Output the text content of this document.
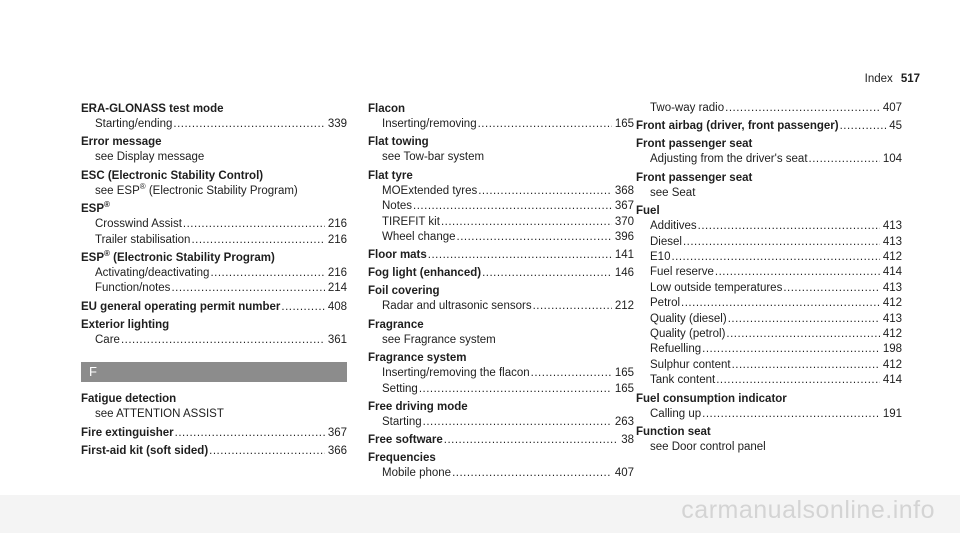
Index 517
ERA-GLONASS test mode
Starting/ending .....	339
Error message
see Display message
ESC (Electronic Stability Control)
see ESP® (Electronic Stability Program)
ESP®
Crosswind Assist .....	216
Trailer stabilisation .....	216
ESP® (Electronic Stability Program)
Activating/deactivating .....	216
Function/notes .....	214
EU general operating permit number .....	408
Exterior lighting
Care .....	361
F
Fatigue detection
see ATTENTION ASSIST
Fire extinguisher .....	367
First-aid kit (soft sided) .....	366
Flacon
Inserting/removing .....	165
Flat towing
see Tow-bar system
Flat tyre
MOExtended tyres .....	368
Notes .....	367
TIREFIT kit .....	370
Wheel change .....	396
Floor mats .....	141
Fog light (enhanced) .....	146
Foil covering
Radar and ultrasonic sensors .....	212
Fragrance
see Fragrance system
Fragrance system
Inserting/removing the flacon .....	165
Setting .....	165
Free driving mode
Starting .....	263
Free software .....	38
Frequencies
Mobile phone .....	407
Two-way radio .....	407
Front airbag (driver, front passenger) .....	45
Front passenger seat
Adjusting from the driver's seat .....	104
Front passenger seat
see Seat
Fuel
Additives .....	413
Diesel .....	413
E10 .....	412
Fuel reserve .....	414
Low outside temperatures .....	413
Petrol .....	412
Quality (diesel) .....	413
Quality (petrol) .....	412
Refuelling .....	198
Sulphur content .....	412
Tank content .....	414
Fuel consumption indicator
Calling up .....	191
Function seat
see Door control panel
carmanualsonline.info
